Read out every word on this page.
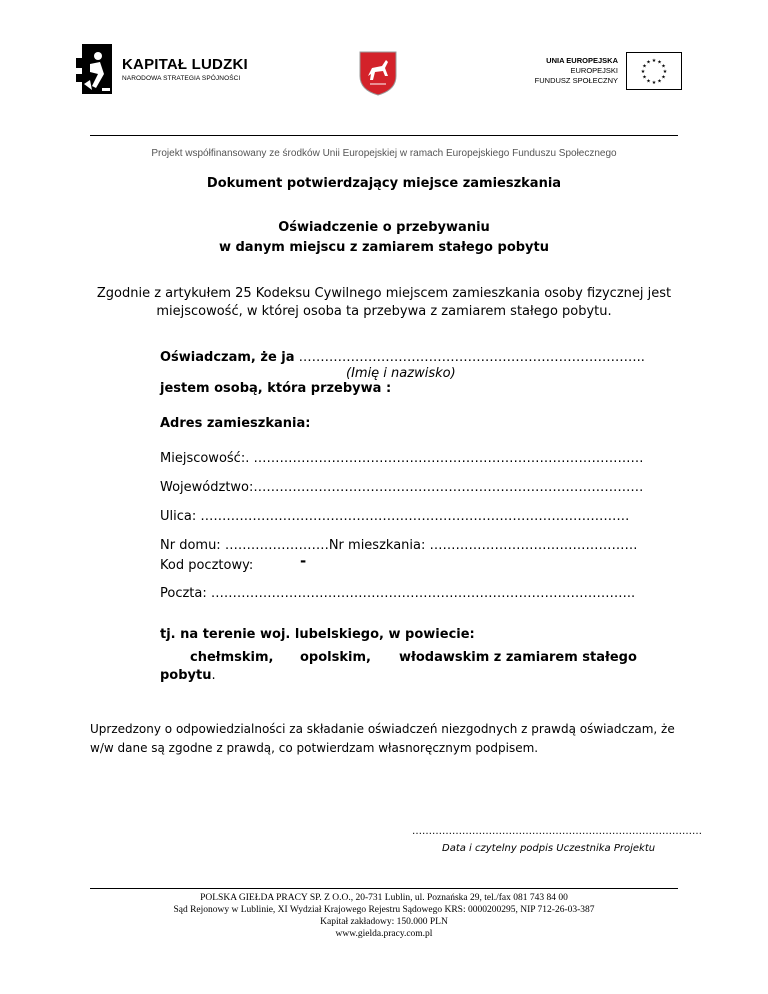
KAPITAŁ LUDZKI
NARODOWA STRATEGIA SPÓJNOŚCI
UNIA EUROPEJSKA
EUROPEJSKI
FUNDUSZ SPOŁECZNY
★
★
★
★
★
★
★
★
★ ★ ★
★
Projekt współfinansowany ze środków Unii Europejskiej w ramach Europejskiego Funduszu Społecznego
Dokument potwierdzający miejsce zamieszkania
Oświadczenie o przebywaniu
w danym miejscu z zamiarem stałego pobytu
Zgodnie z artykułem 25 Kodeksu Cywilnego miejscem zamieszkania osoby fizycznej jest
miejscowość, w której osoba ta przebywa z zamiarem stałego pobytu.
Oświadczam, że ja ……………………………………………………………………..
(Imię i nazwisko)
jestem osobą, która przebywa :
Adres zamieszkania:
Miejscowość:. ………………………………………………………………………………
Województwo:………………………………………………………………………………
Ulica: ………………………………………………………………………………………
Nr domu: ……………………Nr mieszkania: …………………………………………
Kod pocztowy:	-
Poczta: ……………………………………………………………………………………..
tj. na terenie woj. lubelskiego, w powiecie:
chełmskim, opolskim, włodawskim z zamiarem stałego
pobytu.
Uprzedzony o odpowiedzialności za składanie oświadczeń niezgodnych z prawdą oświadczam, że
w/w dane są zgodne z prawdą, co potwierdzam własnoręcznym podpisem.
……………………………………………………………………………
Data i czytelny podpis Uczestnika Projektu
POLSKA GIEŁDA PRACY SP. Z O.O., 20-731 Lublin, ul. Poznańska 29, tel./fax 081 743 84 00
Sąd Rejonowy w Lublinie, XI Wydział Krajowego Rejestru Sądowego KRS: 0000200295, NIP 712-26-03-387
Kapitał zakładowy: 150.000 PLN
www.gielda.pracy.com.pl
